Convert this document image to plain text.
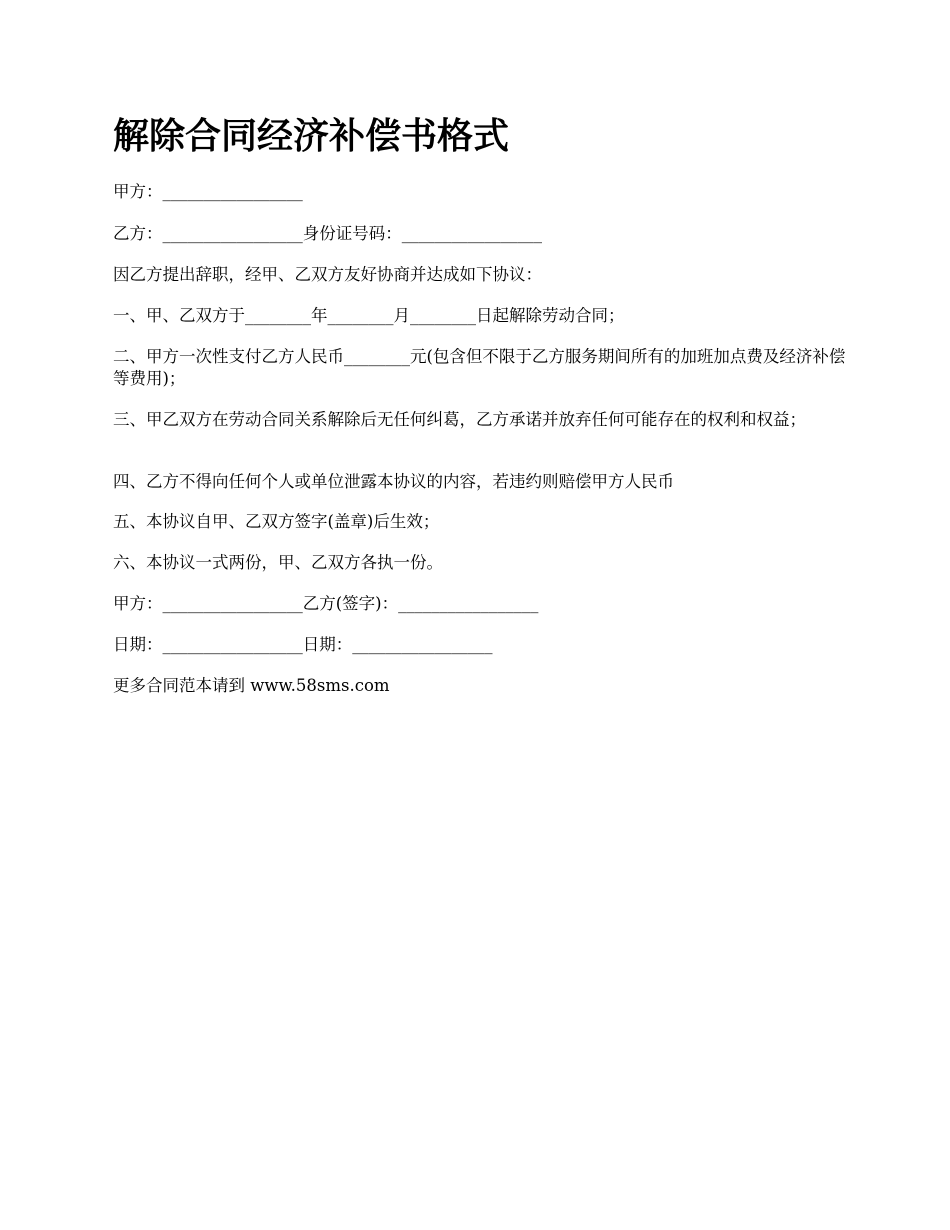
解除合同经济补偿书格式

甲方：_________________

乙方：_________________身份证号码：_________________

因乙方提出辞职，经甲、乙双方友好协商并达成如下协议：

一、甲、乙双方于________年________月________日起解除劳动合同；

二、甲方一次性支付乙方人民币________元(包含但不限于乙方服务期间所有的加班加点费及经济补偿等费用)；

三、甲乙双方在劳动合同关系解除后无任何纠葛，乙方承诺并放弃任何可能存在的权利和权益；

四、乙方不得向任何个人或单位泄露本协议的内容，若违约则赔偿甲方人民币

五、本协议自甲、乙双方签字(盖章)后生效；

六、本协议一式两份，甲、乙双方各执一份。

甲方：_________________乙方(签字)：_________________

日期：_________________日期：_________________

更多合同范本请到 www.58sms.com
